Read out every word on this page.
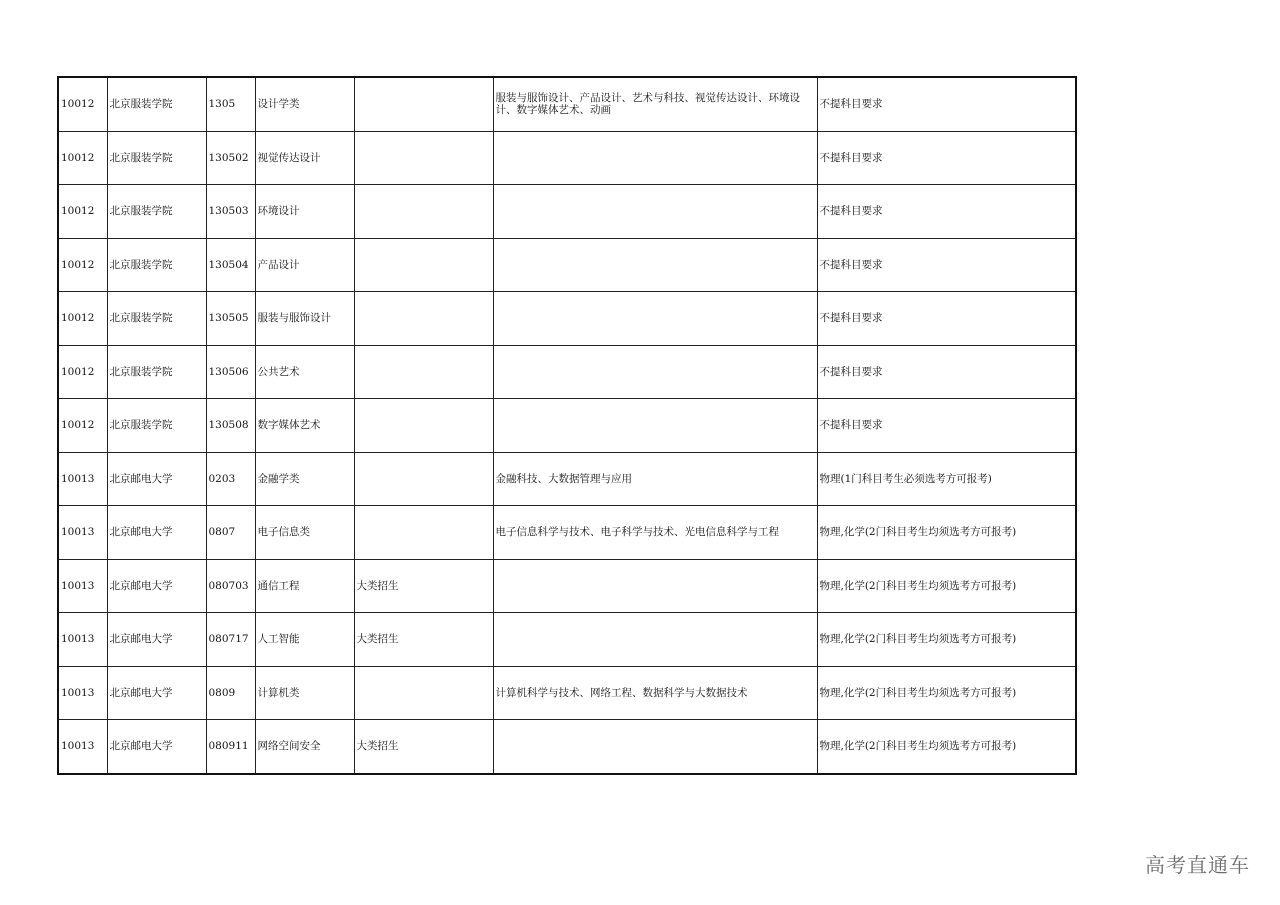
10012	北京服装学院	1305	设计学类		服装与服饰设计、产品设计、艺术与科技、视觉传达设计、环境设计、数字媒体艺术、动画	不提科目要求
10012	北京服装学院	130502	视觉传达设计			不提科目要求
10012	北京服装学院	130503	环境设计			不提科目要求
10012	北京服装学院	130504	产品设计			不提科目要求
10012	北京服装学院	130505	服装与服饰设计			不提科目要求
10012	北京服装学院	130506	公共艺术			不提科目要求
10012	北京服装学院	130508	数字媒体艺术			不提科目要求
10013	北京邮电大学	0203	金融学类		金融科技、大数据管理与应用	物理(1门科目考生必须选考方可报考)
10013	北京邮电大学	0807	电子信息类		电子信息科学与技术、电子科学与技术、光电信息科学与工程	物理,化学(2门科目考生均须选考方可报考)
10013	北京邮电大学	080703	通信工程	大类招生		物理,化学(2门科目考生均须选考方可报考)
10013	北京邮电大学	080717	人工智能	大类招生		物理,化学(2门科目考生均须选考方可报考)
10013	北京邮电大学	0809	计算机类		计算机科学与技术、网络工程、数据科学与大数据技术	物理,化学(2门科目考生均须选考方可报考)
10013	北京邮电大学	080911	网络空间安全	大类招生		物理,化学(2门科目考生均须选考方可报考)
高考直通车
